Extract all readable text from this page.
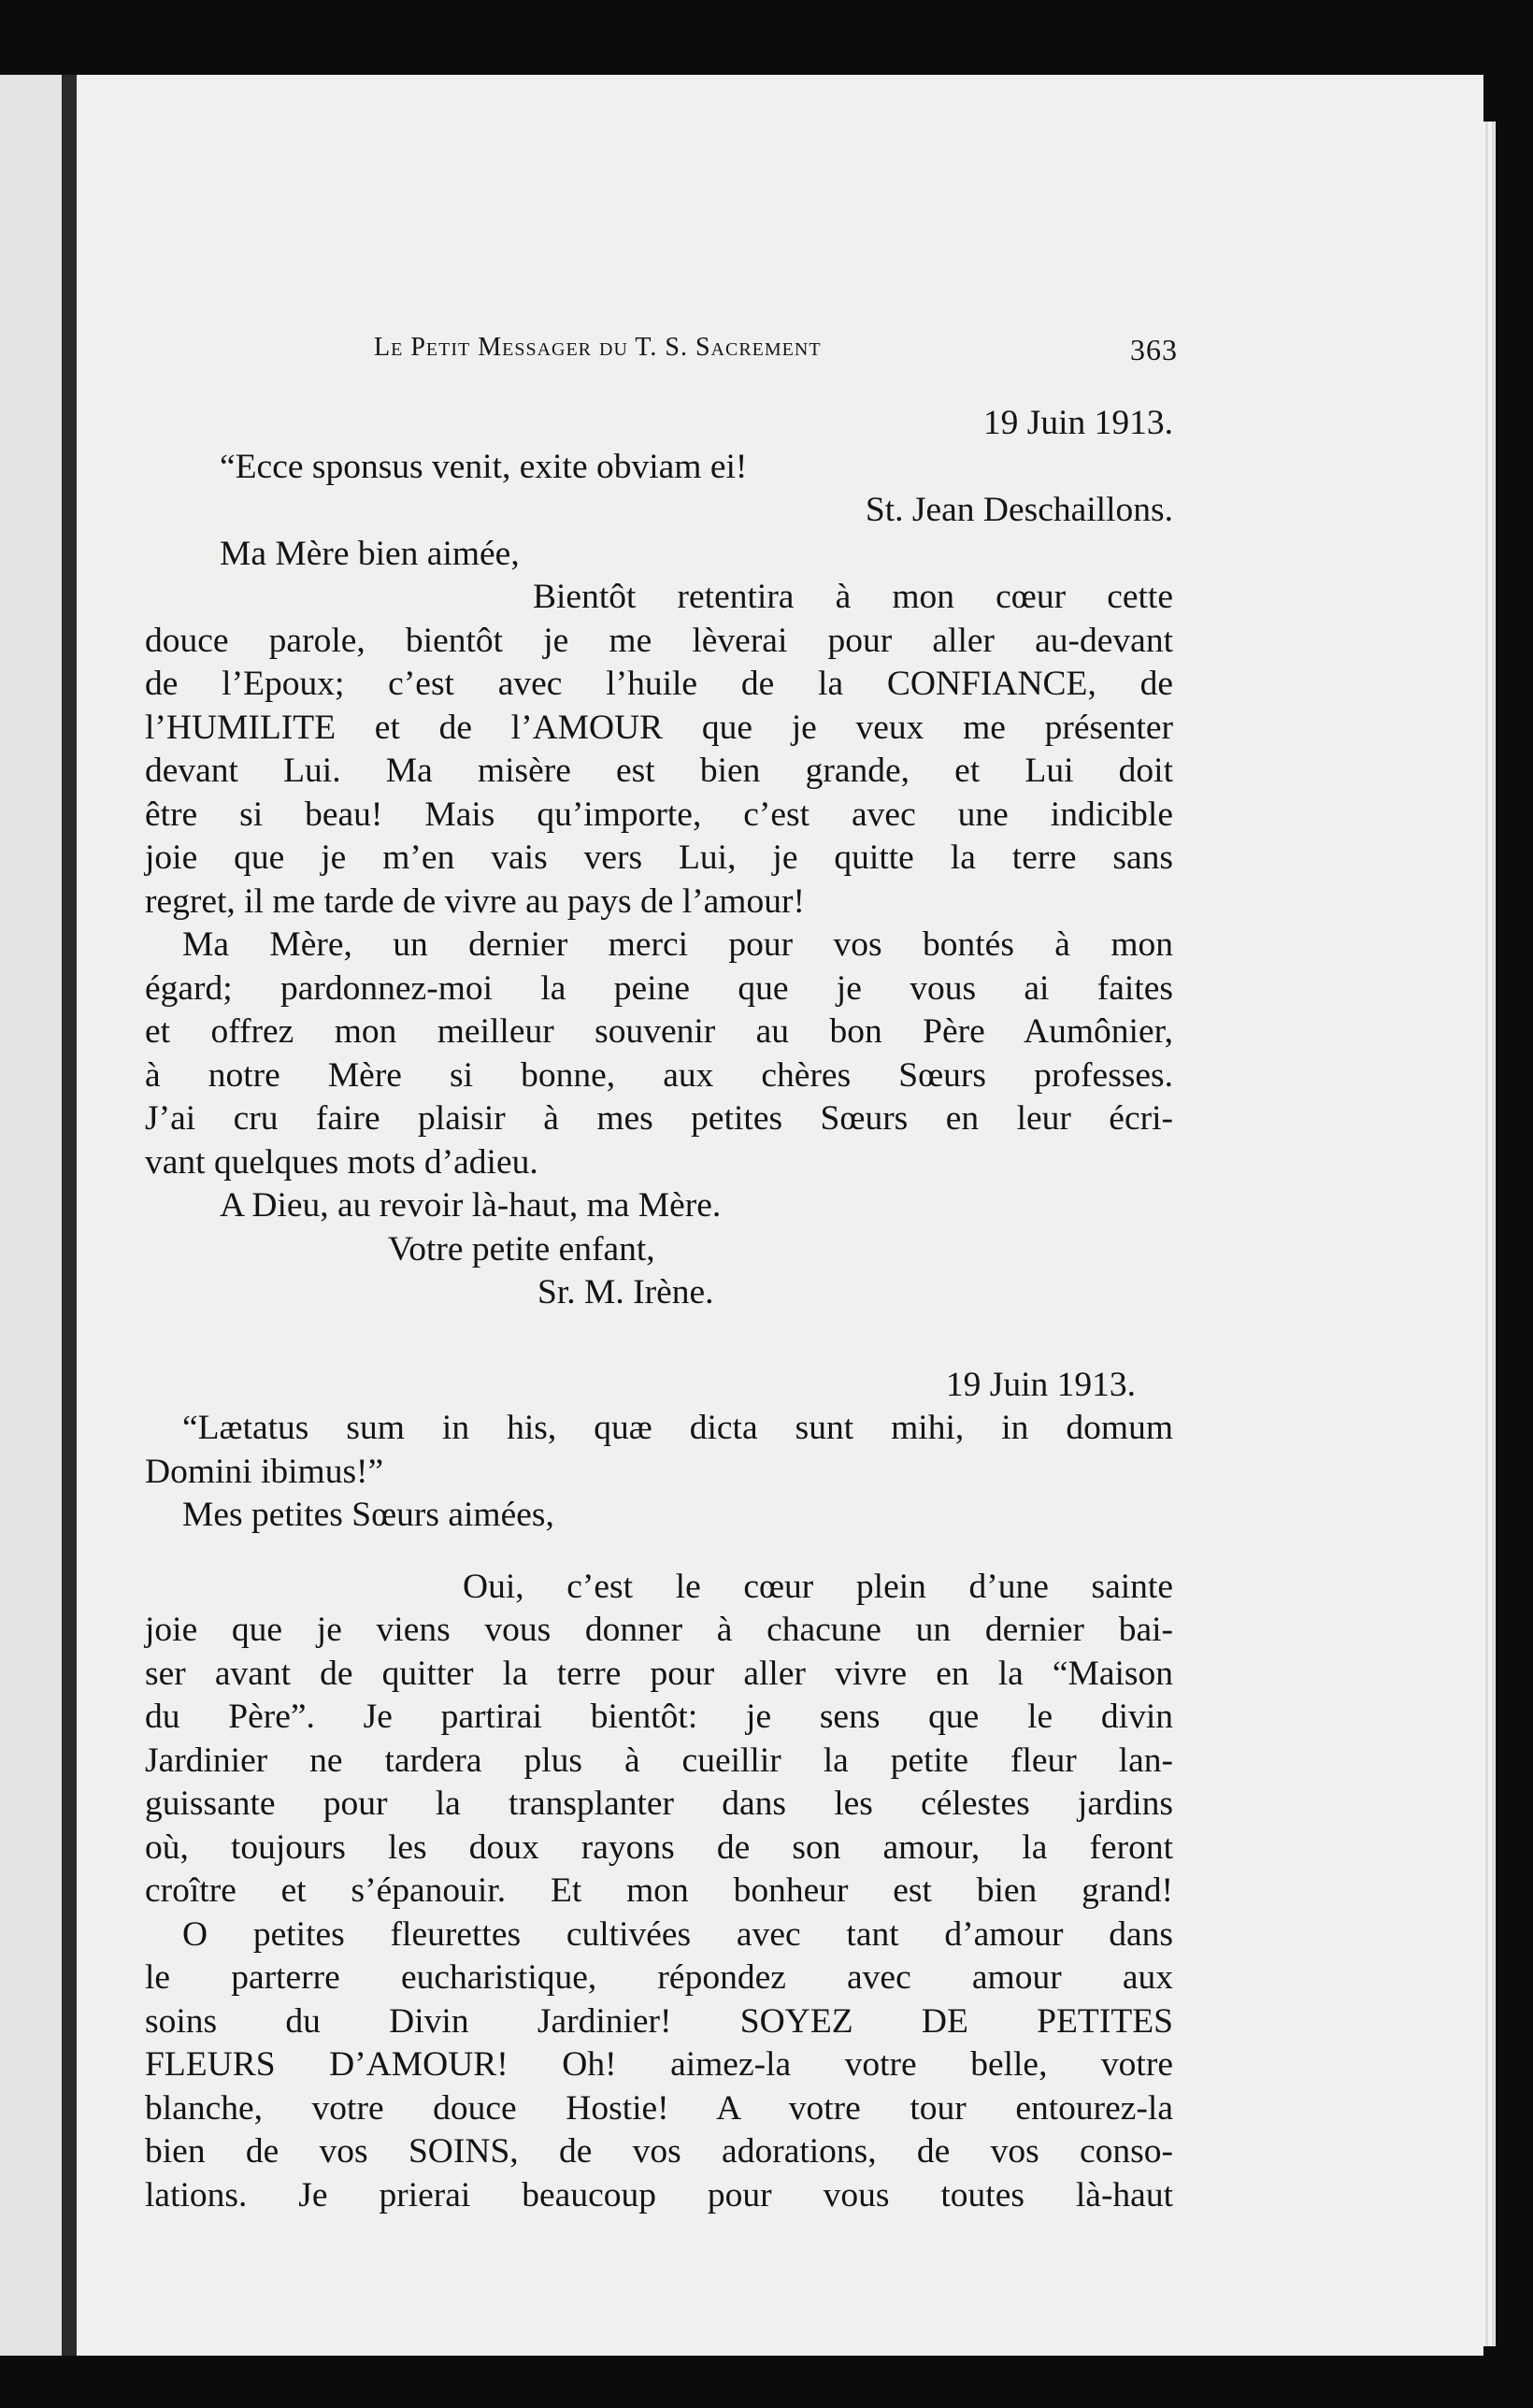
Le Petit Messager du T. S. Sacrement	363
19 Juin 1913.
“Ecce sponsus venit, exite obviam ei!
St. Jean Deschaillons.
Ma Mère bien aimée,
Bientôt retentira à mon cœur cette
douce parole, bientôt je me lèverai pour aller au-devant
de l’Epoux; c’est avec l’huile de la CONFIANCE, de
l’HUMILITE et de l’AMOUR que je veux me présenter
devant Lui. Ma misère est bien grande, et Lui doit
être si beau! Mais qu’importe, c’est avec une indicible
joie que je m’en vais vers Lui, je quitte la terre sans
regret, il me tarde de vivre au pays de l’amour!
Ma Mère, un dernier merci pour vos bontés à mon
égard; pardonnez-moi la peine que je vous ai faites
et offrez mon meilleur souvenir au bon Père Aumônier,
à notre Mère si bonne, aux chères Sœurs professes.
J’ai cru faire plaisir à mes petites Sœurs en leur écri-
vant quelques mots d’adieu.
A Dieu, au revoir là-haut, ma Mère.
Votre petite enfant,
Sr. M. Irène.
19 Juin 1913.
“Lætatus sum in his, quæ dicta sunt mihi, in domum
Domini ibimus!”
Mes petites Sœurs aimées,
Oui, c’est le cœur plein d’une sainte
joie que je viens vous donner à chacune un dernier bai-
ser avant de quitter la terre pour aller vivre en la “Maison
du Père”. Je partirai bientôt: je sens que le divin
Jardinier ne tardera plus à cueillir la petite fleur lan-
guissante pour la transplanter dans les célestes jardins
où, toujours les doux rayons de son amour, la feront
croître et s’épanouir. Et mon bonheur est bien grand!
O petites fleurettes cultivées avec tant d’amour dans
le parterre eucharistique, répondez avec amour aux
soins du Divin Jardinier! SOYEZ DE PETITES
FLEURS D’AMOUR! Oh! aimez-la votre belle, votre
blanche, votre douce Hostie! A votre tour entourez-la
bien de vos SOINS, de vos adorations, de vos conso-
lations. Je prierai beaucoup pour vous toutes là-haut
